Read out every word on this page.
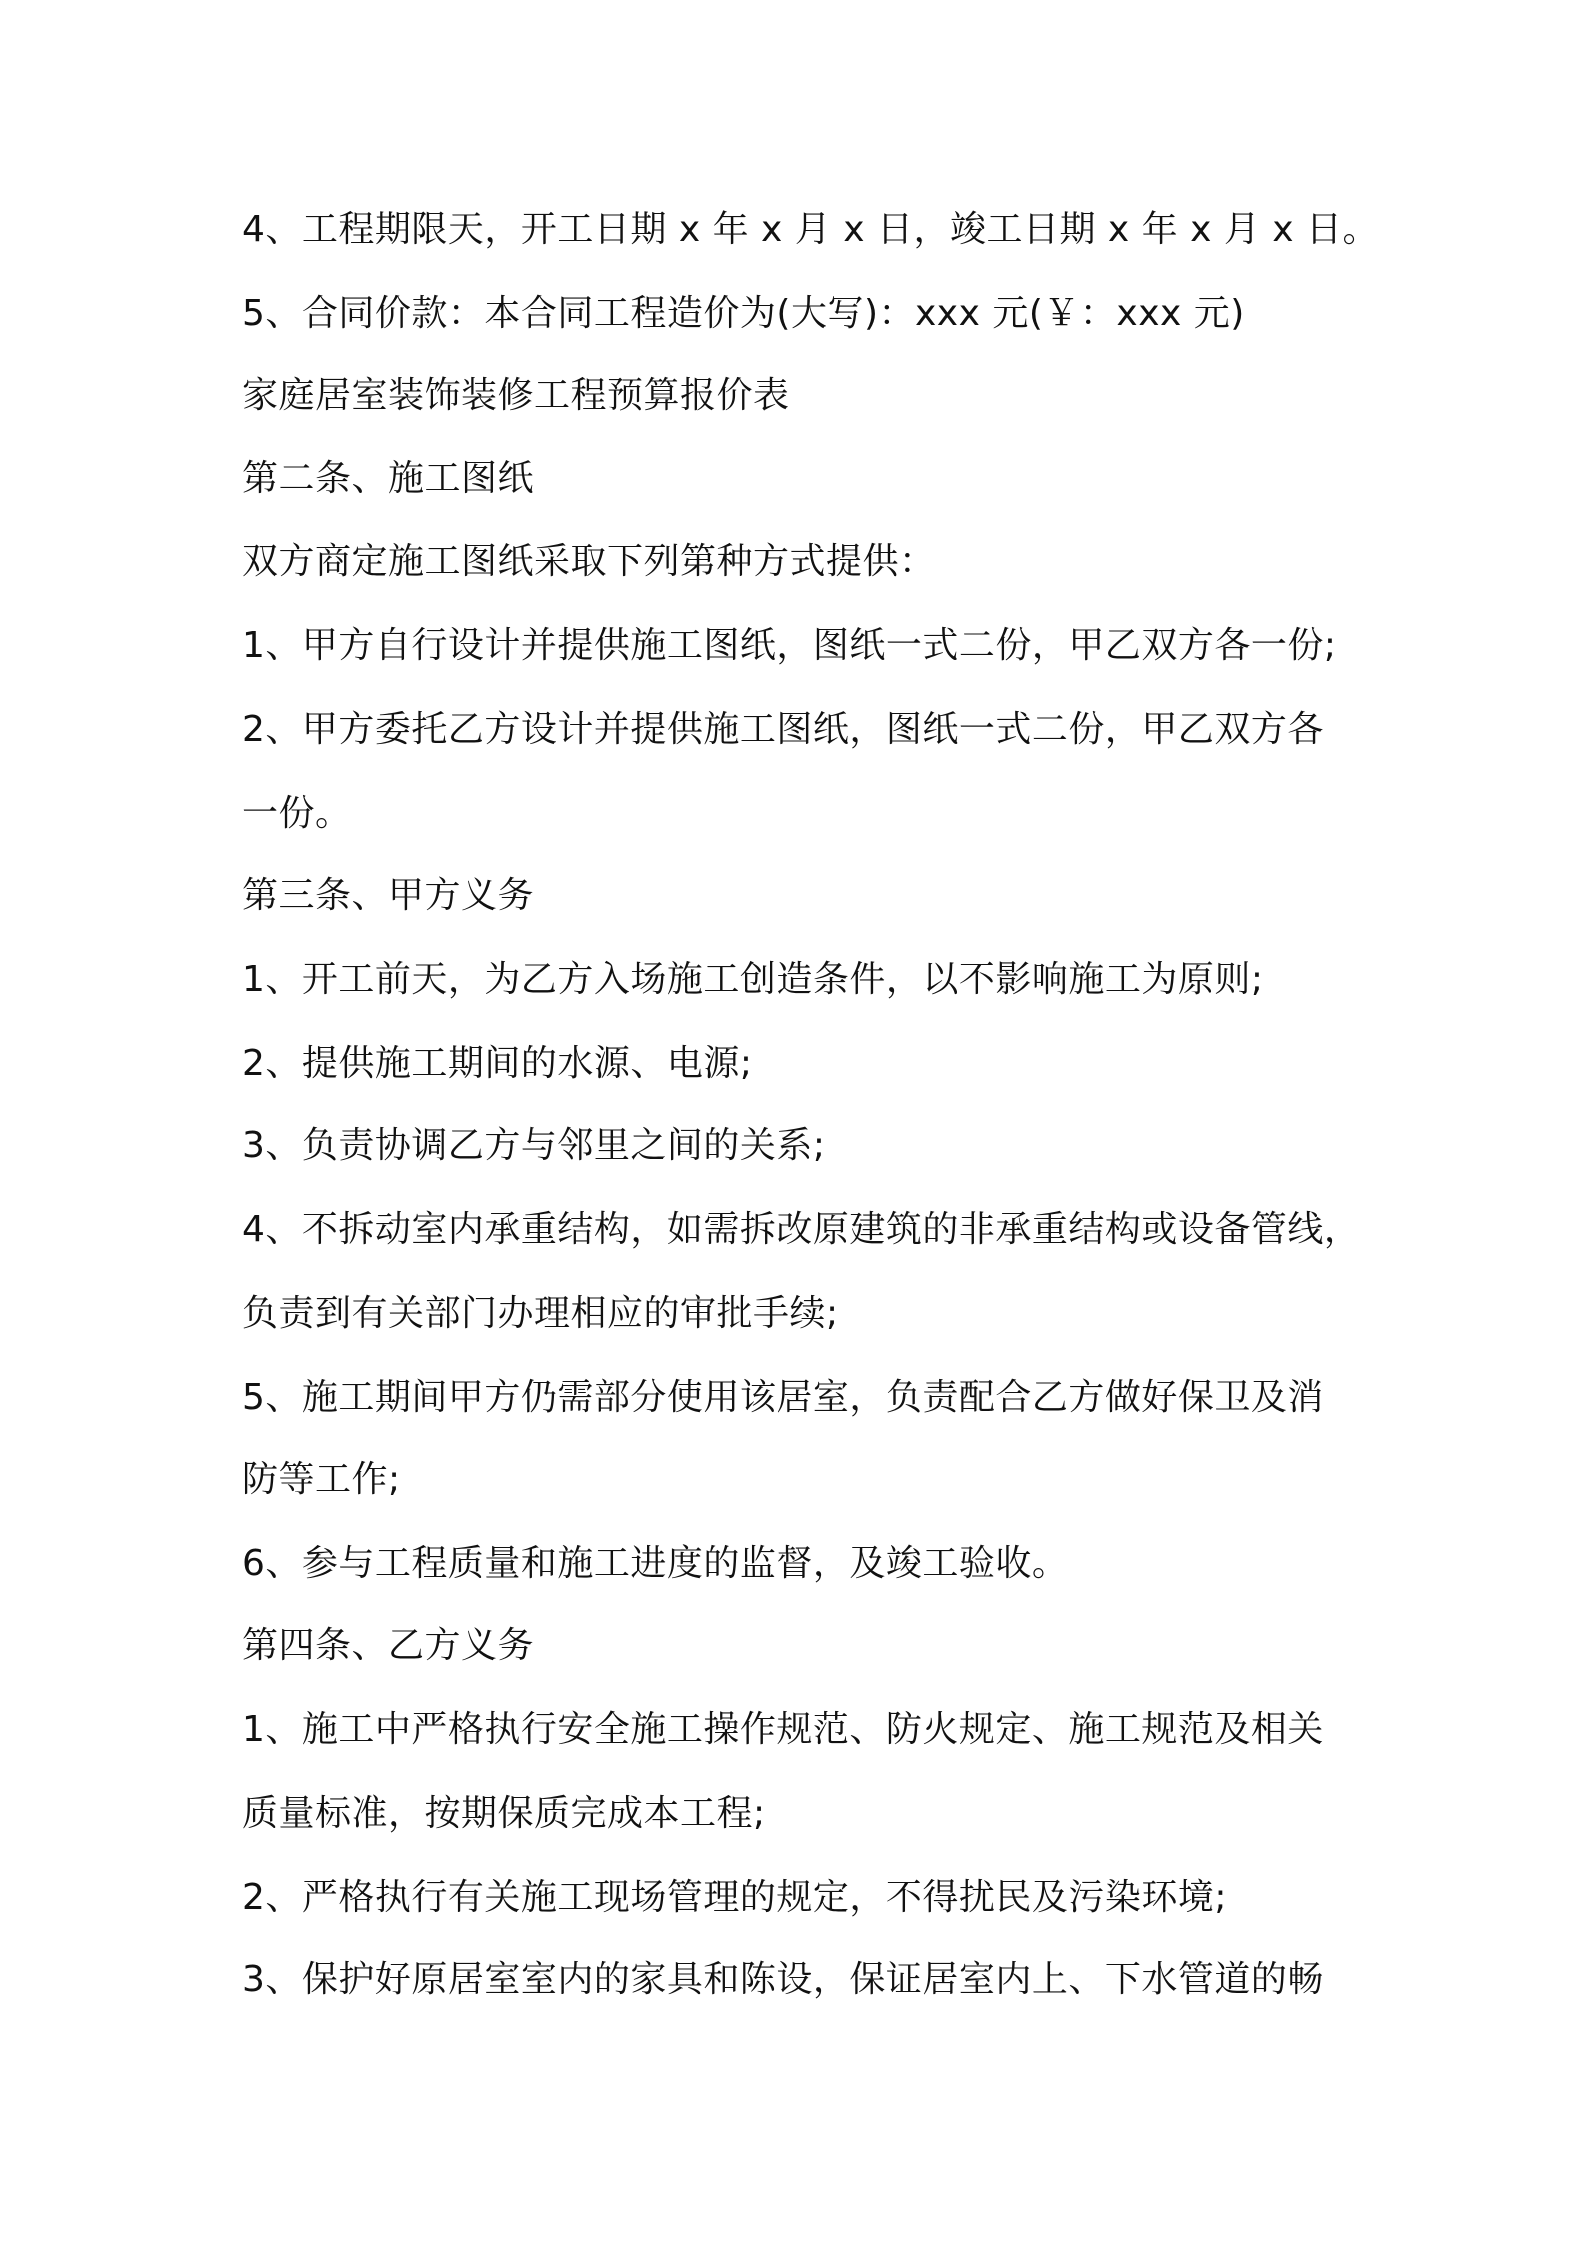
4、工程期限天，开工日期 x 年 x 月 x 日，竣工日期 x 年 x 月 x 日。

5、合同价款：本合同工程造价为(大写)：xxx 元(￥：xxx 元)

家庭居室装饰装修工程预算报价表

第二条、施工图纸

双方商定施工图纸采取下列第种方式提供：

1、甲方自行设计并提供施工图纸，图纸一式二份，甲乙双方各一份;

2、甲方委托乙方设计并提供施工图纸，图纸一式二份，甲乙双方各

一份。

第三条、甲方义务

1、开工前天，为乙方入场施工创造条件，以不影响施工为原则;

2、提供施工期间的水源、电源;

3、负责协调乙方与邻里之间的关系;

4、不拆动室内承重结构，如需拆改原建筑的非承重结构或设备管线，

负责到有关部门办理相应的审批手续;

5、施工期间甲方仍需部分使用该居室，负责配合乙方做好保卫及消

防等工作;

6、参与工程质量和施工进度的监督，及竣工验收。

第四条、乙方义务

1、施工中严格执行安全施工操作规范、防火规定、施工规范及相关

质量标准，按期保质完成本工程;

2、严格执行有关施工现场管理的规定，不得扰民及污染环境;

3、保护好原居室室内的家具和陈设，保证居室内上、下水管道的畅
